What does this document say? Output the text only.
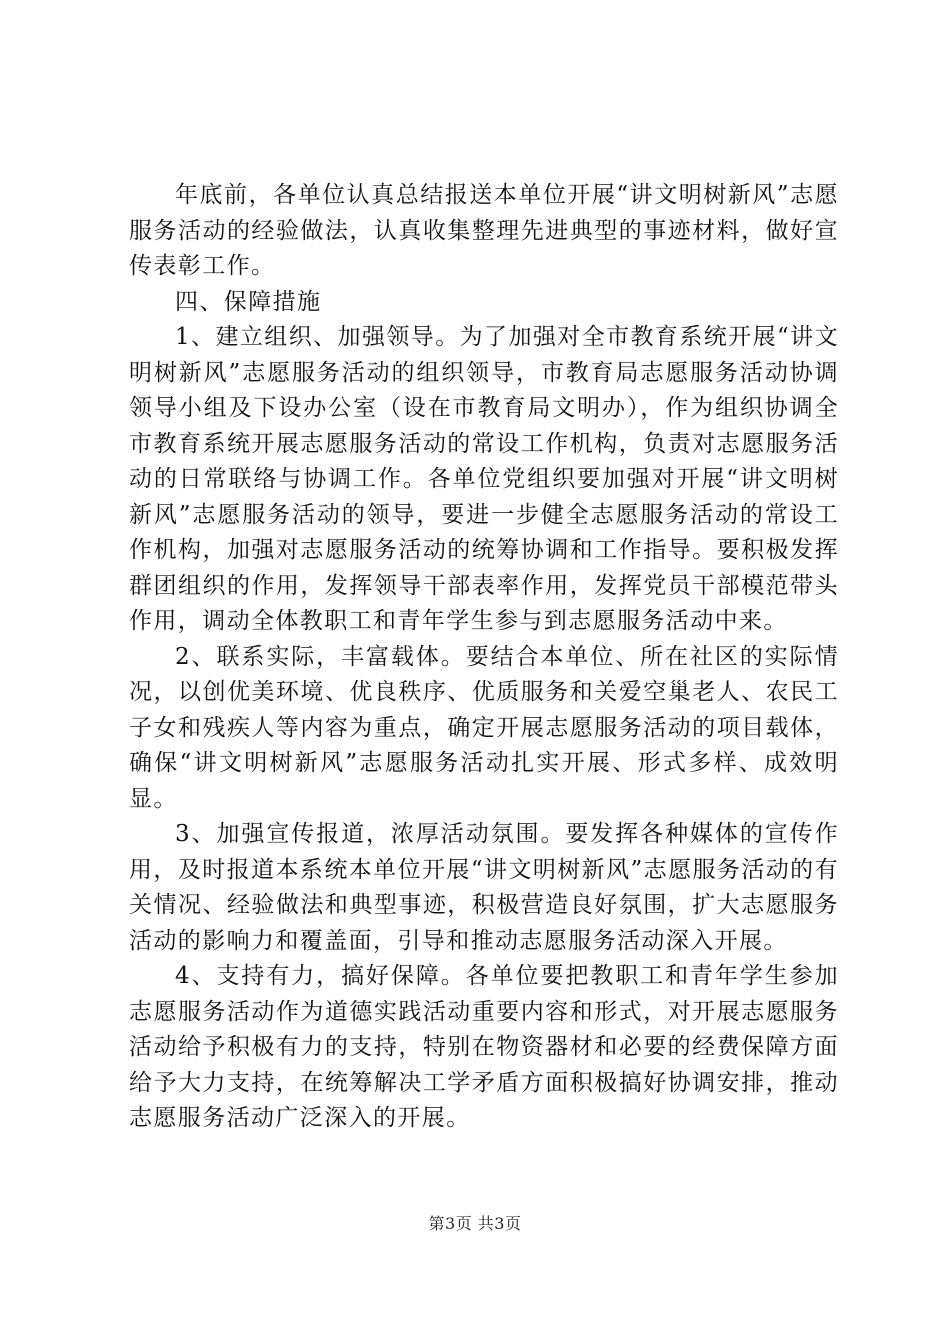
年底前，各单位认真总结报送本单位开展“讲文明树新风”志愿服务活动的经验做法，认真收集整理先进典型的事迹材料，做好宣传表彰工作。

四、保障措施

1、建立组织、加强领导。为了加强对全市教育系统开展“讲文明树新风”志愿服务活动的组织领导，市教育局志愿服务活动协调领导小组及下设办公室（设在市教育局文明办），作为组织协调全市教育系统开展志愿服务活动的常设工作机构，负责对志愿服务活动的日常联络与协调工作。各单位党组织要加强对开展“讲文明树新风”志愿服务活动的领导，要进一步健全志愿服务活动的常设工作机构，加强对志愿服务活动的统筹协调和工作指导。要积极发挥群团组织的作用，发挥领导干部表率作用，发挥党员干部模范带头作用，调动全体教职工和青年学生参与到志愿服务活动中来。

2、联系实际，丰富载体。要结合本单位、所在社区的实际情况，以创优美环境、优良秩序、优质服务和关爱空巢老人、农民工子女和残疾人等内容为重点，确定开展志愿服务活动的项目载体，确保“讲文明树新风”志愿服务活动扎实开展、形式多样、成效明显。

3、加强宣传报道，浓厚活动氛围。要发挥各种媒体的宣传作用，及时报道本系统本单位开展“讲文明树新风”志愿服务活动的有关情况、经验做法和典型事迹，积极营造良好氛围，扩大志愿服务活动的影响力和覆盖面，引导和推动志愿服务活动深入开展。

4、支持有力，搞好保障。各单位要把教职工和青年学生参加志愿服务活动作为道德实践活动重要内容和形式，对开展志愿服务活动给予积极有力的支持，特别在物资器材和必要的经费保障方面给予大力支持，在统筹解决工学矛盾方面积极搞好协调安排，推动志愿服务活动广泛深入的开展。

第3页 共3页
